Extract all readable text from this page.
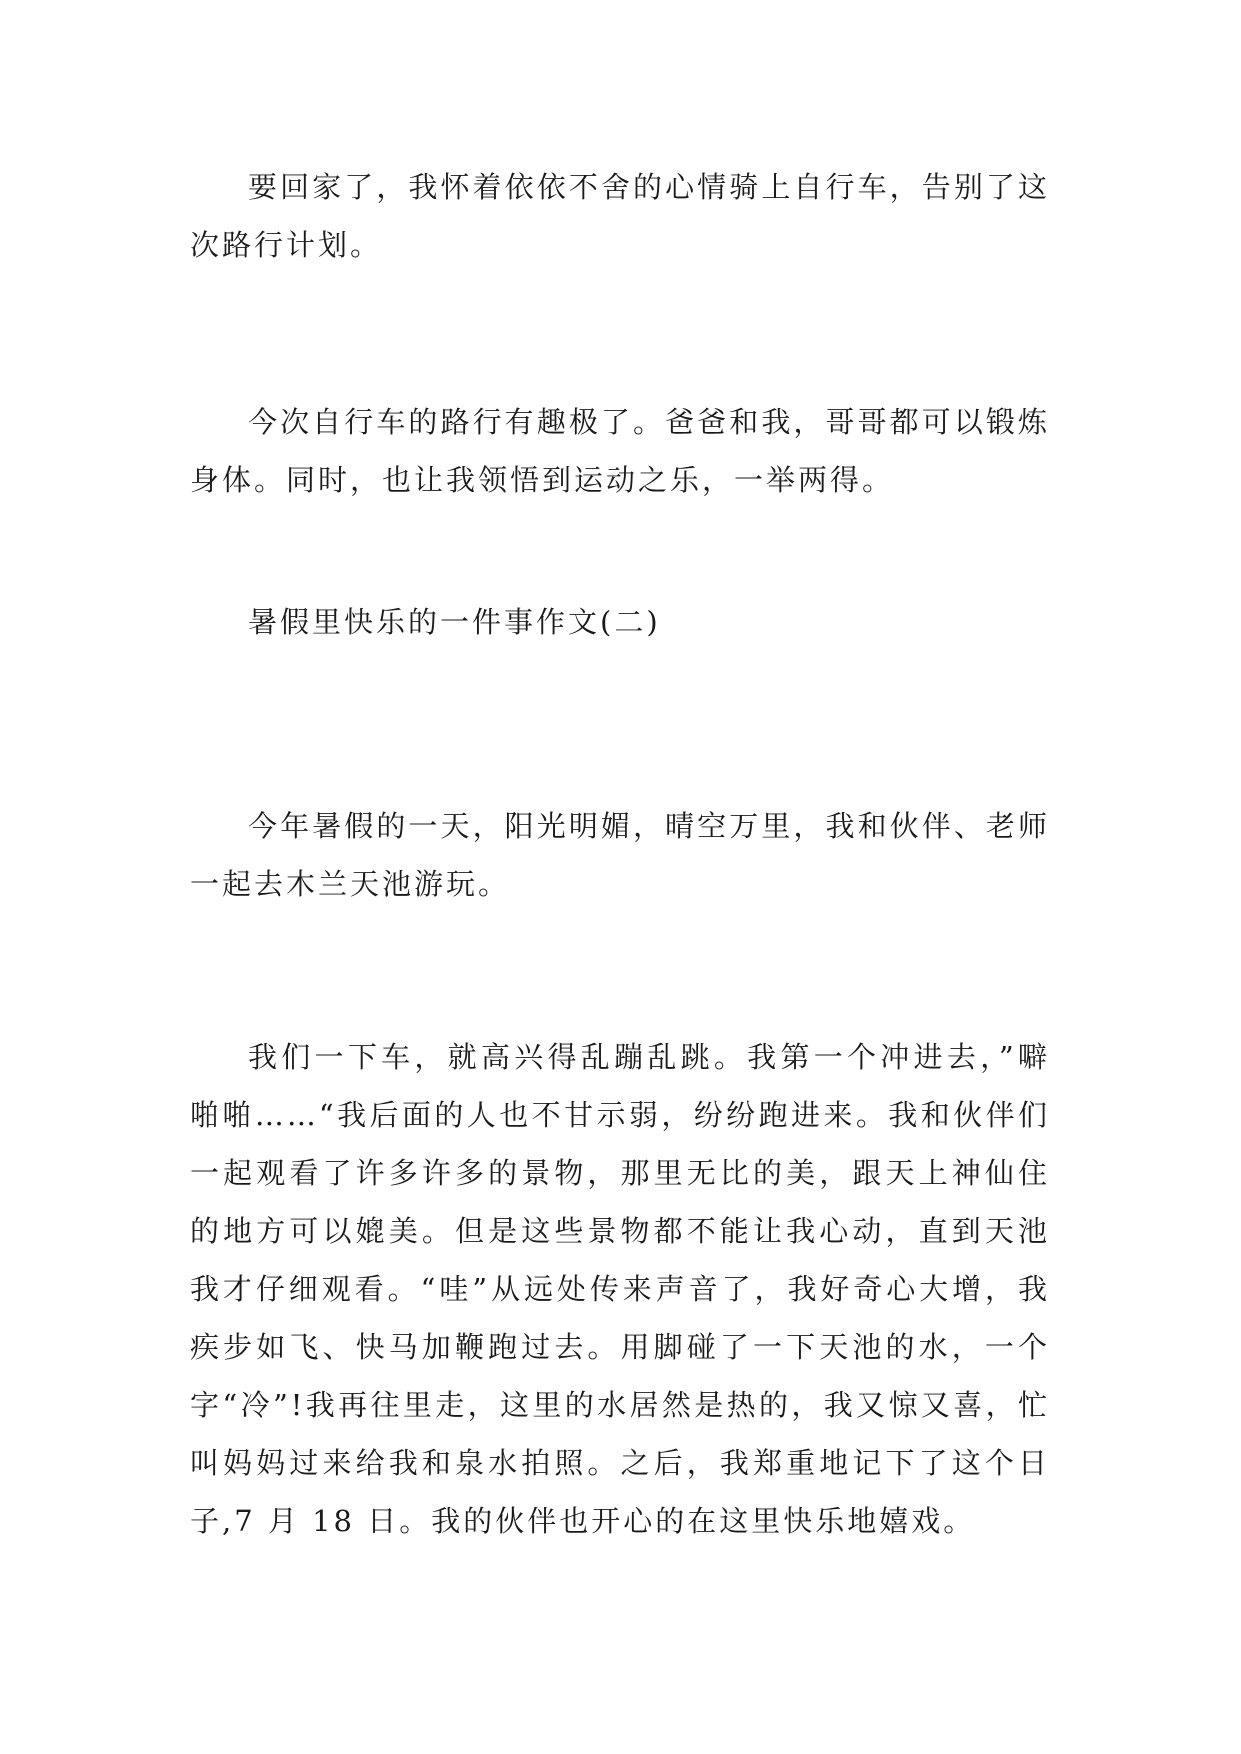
要回家了，我怀着依依不舍的心情骑上自行车，告别了这次路行计划。

今次自行车的路行有趣极了。爸爸和我，哥哥都可以锻炼身体。同时，也让我领悟到运动之乐，一举两得。

暑假里快乐的一件事作文(二)

今年暑假的一天，阳光明媚，晴空万里，我和伙伴、老师一起去木兰天池游玩。

我们一下车，就高兴得乱蹦乱跳。我第一个冲进去，”噼啪啪……“我后面的人也不甘示弱，纷纷跑进来。我和伙伴们一起观看了许多许多的景物，那里无比的美，跟天上神仙住的地方可以媲美。但是这些景物都不能让我心动，直到天池我才仔细观看。“哇”从远处传来声音了，我好奇心大增，我疾步如飞、快马加鞭跑过去。用脚碰了一下天池的水，一个字“冷”!我再往里走，这里的水居然是热的，我又惊又喜，忙叫妈妈过来给我和泉水拍照。之后，我郑重地记下了这个日子,7 月 18 日。我的伙伴也开心的在这里快乐地嬉戏。
